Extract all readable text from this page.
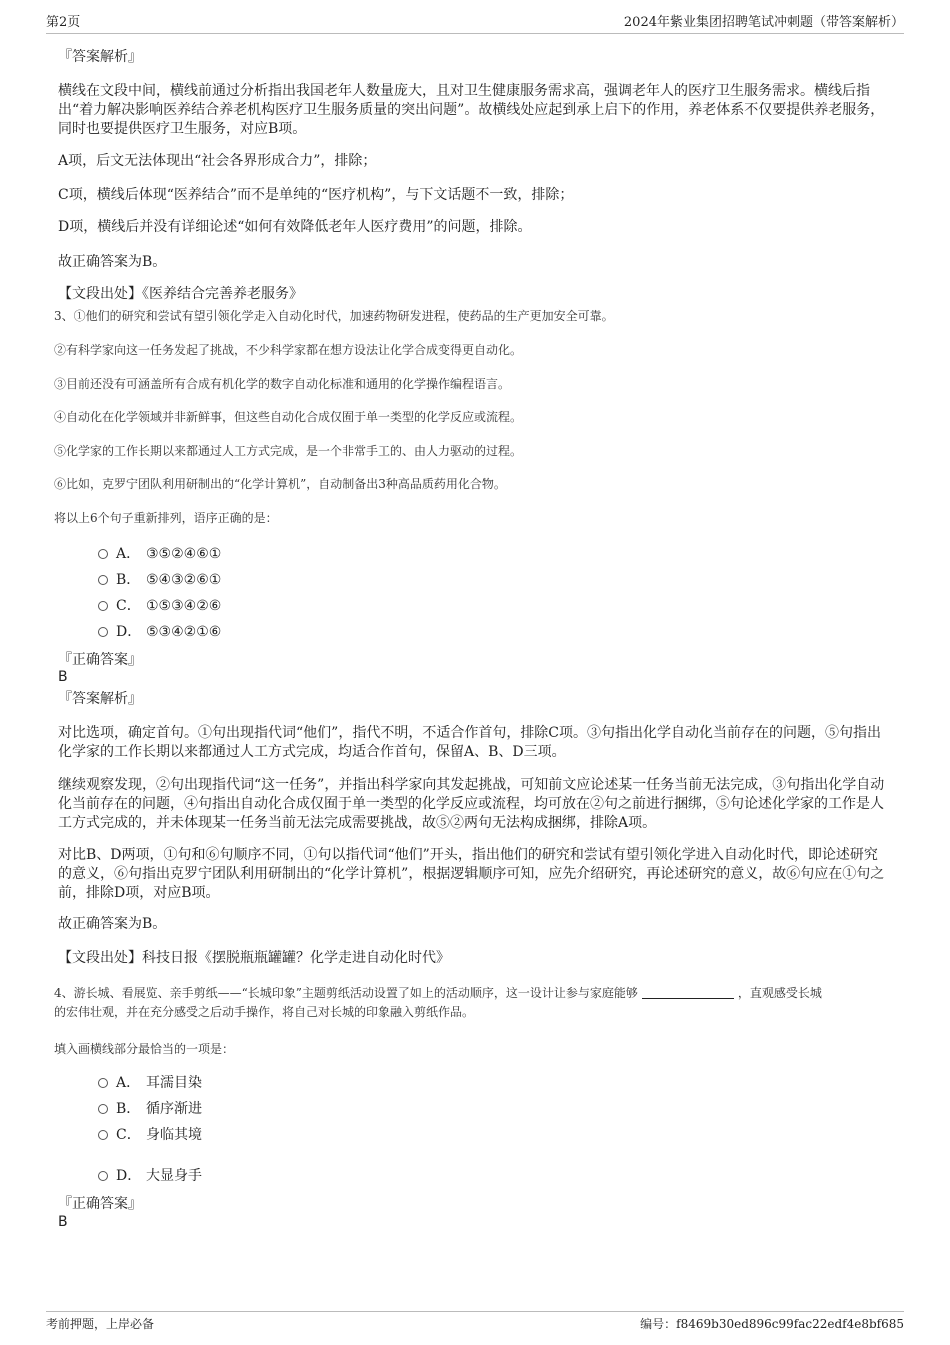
第2页	2024年紫业集团招聘笔试冲刺题（带答案解析）
『答案解析』
横线在文段中间，横线前通过分析指出我国老年人数量庞大，且对卫生健康服务需求高，强调老年人的医疗卫生服务需求。横线后指出“着力解决影响医养结合养老机构医疗卫生服务质量的突出问题”。故横线处应起到承上启下的作用，养老体系不仅要提供养老服务，同时也要提供医疗卫生服务，对应B项。
A项，后文无法体现出“社会各界形成合力”，排除；
C项，横线后体现“医养结合”而不是单纯的“医疗机构”，与下文话题不一致，排除；
D项，横线后并没有详细论述“如何有效降低老年人医疗费用”的问题，排除。
故正确答案为B。
【文段出处】《医养结合完善养老服务》
3、①他们的研究和尝试有望引领化学走入自动化时代，加速药物研发进程，使药品的生产更加安全可靠。
②有科学家向这一任务发起了挑战，不少科学家都在想方设法让化学合成变得更自动化。
③目前还没有可涵盖所有合成有机化学的数字自动化标准和通用的化学操作编程语言。
④自动化在化学领域并非新鲜事，但这些自动化合成仅囿于单一类型的化学反应或流程。
⑤化学家的工作长期以来都通过人工方式完成，是一个非常手工的、由人力驱动的过程。
⑥比如，克罗宁团队利用研制出的“化学计算机”，自动制备出3种高品质药用化合物。
将以上6个句子重新排列，语序正确的是：
A． ③⑤②④⑥①
B． ⑤④③②⑥①
C． ①⑤③④②⑥
D． ⑤③④②①⑥
『正确答案』
B
『答案解析』
对比选项，确定首句。①句出现指代词“他们”，指代不明，不适合作首句，排除C项。③句指出化学自动化当前存在的问题，⑤句指出化学家的工作长期以来都通过人工方式完成，均适合作首句，保留A、B、D三项。
继续观察发现，②句出现指代词“这一任务”，并指出科学家向其发起挑战，可知前文应论述某一任务当前无法完成，③句指出化学自动化当前存在的问题，④句指出自动化合成仅囿于单一类型的化学反应或流程，均可放在②句之前进行捆绑，⑤句论述化学家的工作是人工方式完成的，并未体现某一任务当前无法完成需要挑战，故⑤②两句无法构成捆绑，排除A项。
对比B、D两项，①句和⑥句顺序不同，①句以指代词“他们”开头，指出他们的研究和尝试有望引领化学进入自动化时代，即论述研究的意义，⑥句指出克罗宁团队利用研制出的“化学计算机”，根据逻辑顺序可知，应先介绍研究，再论述研究的意义，故⑥句应在①句之前，排除D项，对应B项。
故正确答案为B。
【文段出处】科技日报《摆脱瓶瓶罐罐？化学走进自动化时代》
4、游长城、看展览、亲手剪纸——“长城印象”主题剪纸活动设置了如上的活动顺序，这一设计让参与家庭能够	，直观感受长城
的宏伟壮观，并在充分感受之后动手操作，将自己对长城的印象融入剪纸作品。
填入画横线部分最恰当的一项是：
A． 耳濡目染
B． 循序渐进
C． 身临其境
D． 大显身手
『正确答案』
B
考前押题，上岸必备	编号：f8469b30ed896c99fac22edf4e8bf685
